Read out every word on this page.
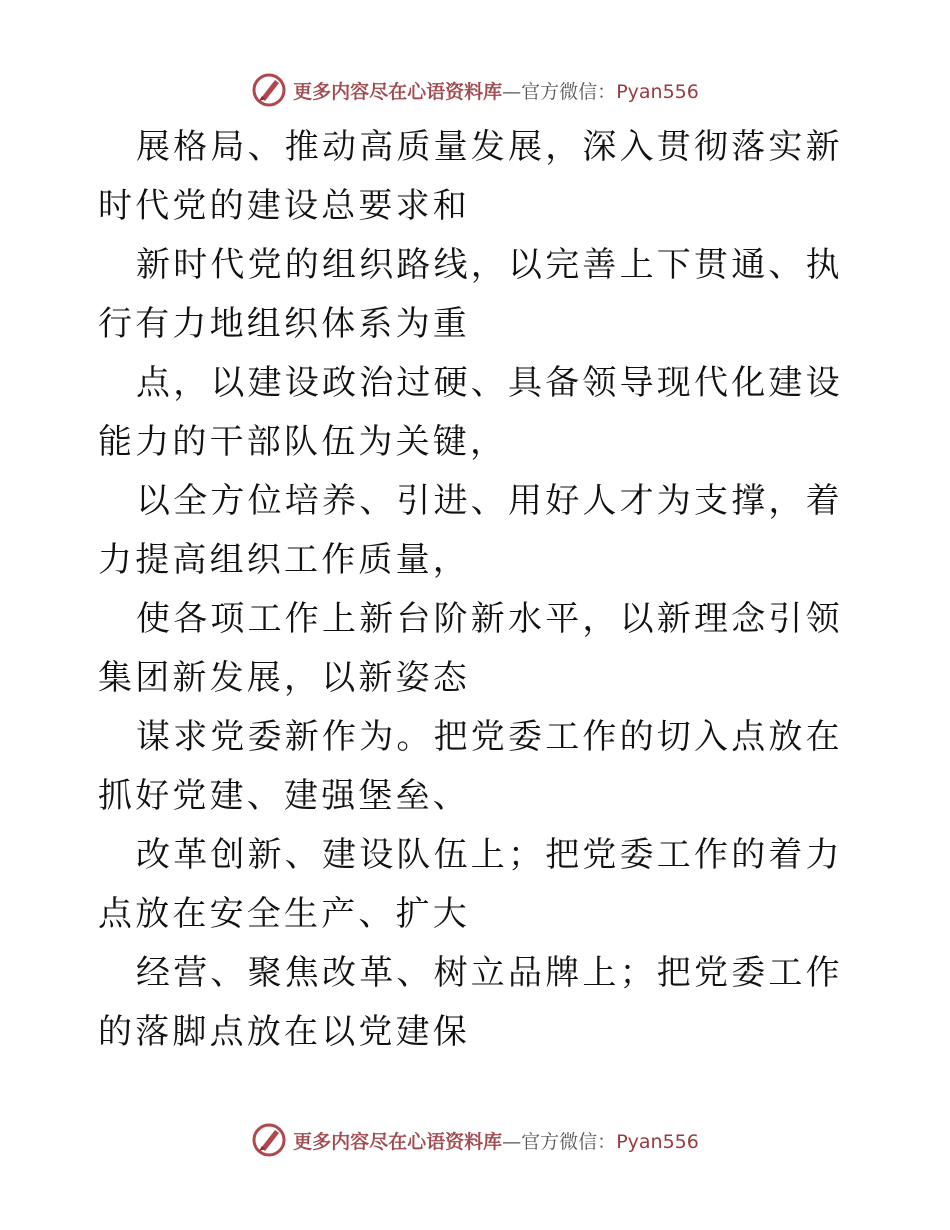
更多内容尽在心语资料库—官方微信：Pyan556

展格局、推动高质量发展，深入贯彻落实新时代党的建设总要求和

新时代党的组织路线，以完善上下贯通、执行有力地组织体系为重

点，以建设政治过硬、具备领导现代化建设能力的干部队伍为关键，

以全方位培养、引进、用好人才为支撑，着力提高组织工作质量，

使各项工作上新台阶新水平，以新理念引领集团新发展，以新姿态

谋求党委新作为。把党委工作的切入点放在抓好党建、建强堡垒、

改革创新、建设队伍上；把党委工作的着力点放在安全生产、扩大

经营、聚焦改革、树立品牌上；把党委工作的落脚点放在以党建保

更多内容尽在心语资料库—官方微信：Pyan556
